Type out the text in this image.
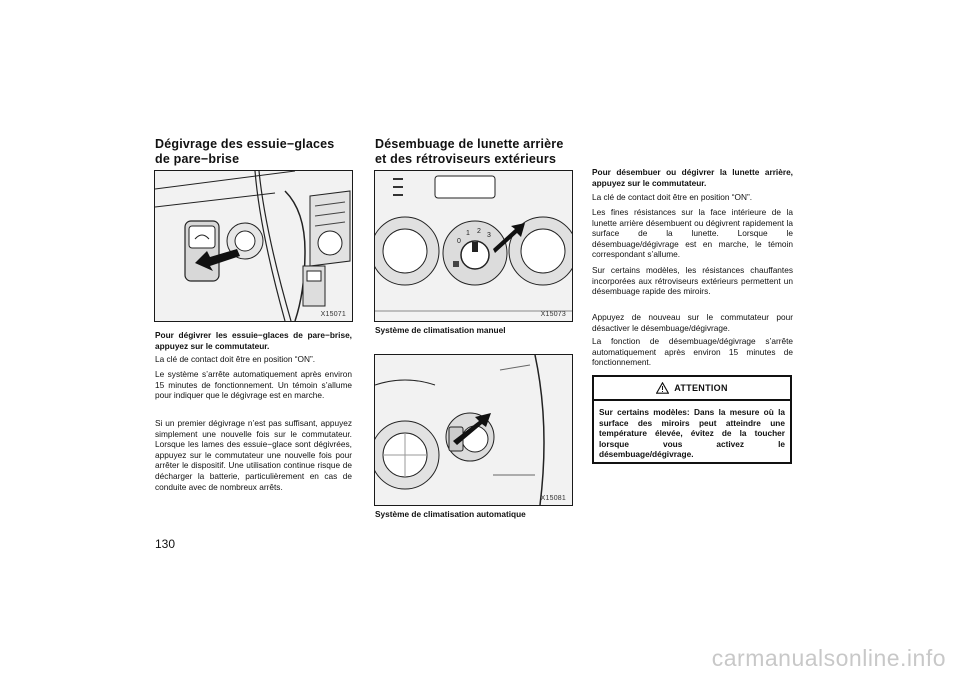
Dégivrage des essuie−glaces
de pare−brise
X15071

Pour dégivrer les essuie−glaces de pare−brise, appuyez sur le commutateur.

La clé de contact doit être en position “ON”.

Le système s’arrête automatiquement après environ 15 minutes de fonctionnement. Un témoin s’allume pour indiquer que le dégivrage est en marche.

Si un premier dégivrage n’est pas suffisant, appuyez simplement une nouvelle fois sur le commutateur. Lorsque les lames des essuie−glace sont dégivrées, appuyez sur le commutateur une nouvelle fois pour arrêter le dispositif. Une utilisation continue risque de décharger la batterie, particulièrement en cas de conduite avec de nombreux arrêts.

130
Désembuage de lunette arrière
et des rétroviseurs extérieurs
0
1 2
3
X15073
Système de climatisation manuel
X15081
Système de climatisation automatique

Pour désembuer ou dégivrer la lunette arrière, appuyez sur le commutateur.

La clé de contact doit être en position “ON”.

Les fines résistances sur la face intérieure de la lunette arrière désembuent ou dégivrent rapidement la surface de la lunette. Lorsque le désembuage/dégivrage est en marche, le témoin correspondant s’allume.

Sur certains modèles, les résistances chauffantes incorporées aux rétroviseurs extérieurs permettent un désembuage rapide des miroirs.

Appuyez de nouveau sur le commutateur pour désactiver le désembuage/dégivrage.

La fonction de désembuage/dégivrage s’arrête automatiquement après environ 15 minutes de fonctionnement.

ATTENTION
Sur certains modèles: Dans la mesure où la surface des miroirs peut atteindre une température élevée, évitez de la toucher lorsque vous activez le désembuage/dégivrage.
carmanualsonline.info
